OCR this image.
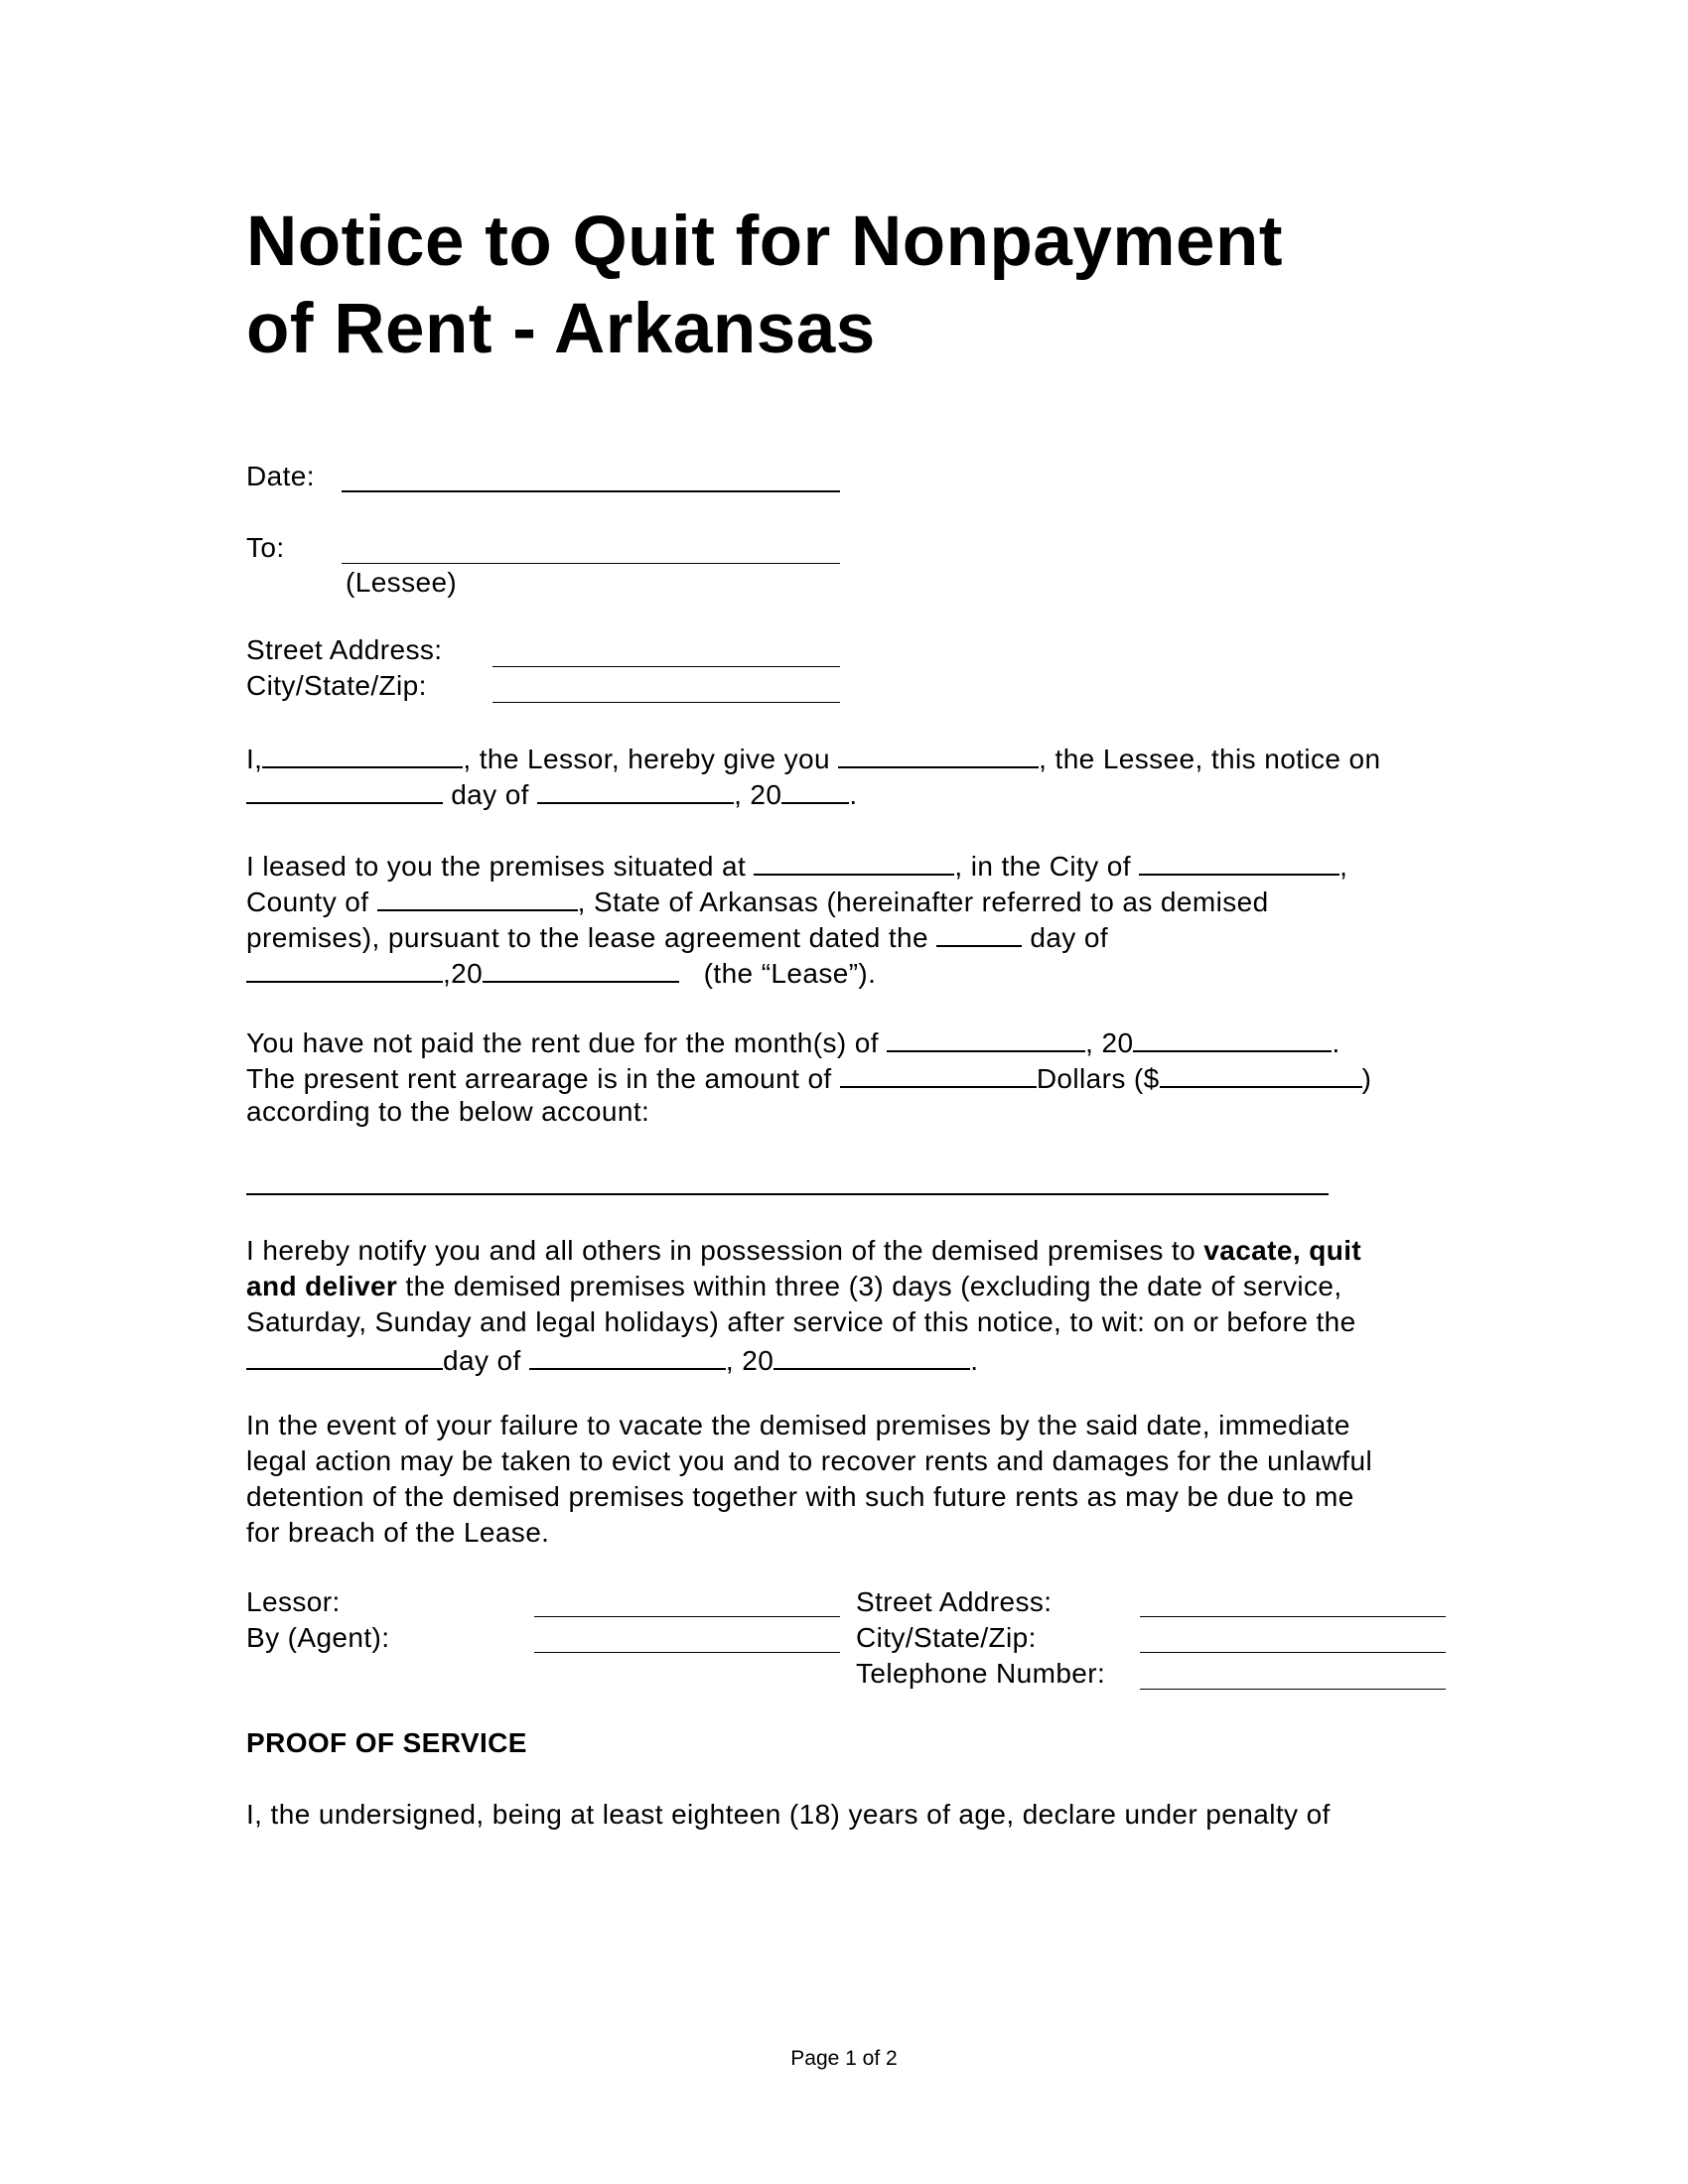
Notice to Quit for Nonpayment
of Rent - Arkansas
Date:
To:
(Lessee)
Street Address:
City/State/Zip:
I,	, the Lessor, hereby give you	, the Lessee, this notice on
day of	, 20 .
I leased to you the premises situated at	, in the City of	,
County of	, State of Arkansas (hereinafter referred to as demised
premises), pursuant to the lease agreement dated the	day of
,20	(the “Lease”).
You have not paid the rent due for the month(s) of	, 20	.
The present rent arrearage is in the amount of	Dollars ($	)
according to the below account:
I hereby notify you and all others in possession of the demised premises to vacate, quit
and deliver the demised premises within three (3) days (excluding the date of service,
Saturday, Sunday and legal holidays) after service of this notice, to wit: on or before the
day of	, 20	.
In the event of your failure to vacate the demised premises by the said date, immediate
legal action may be taken to evict you and to recover rents and damages for the unlawful
detention of the demised premises together with such future rents as may be due to me
for breach of the Lease.
Lessor:
By (Agent):
Street Address:
City/State/Zip:
Telephone Number:
PROOF OF SERVICE
I, the undersigned, being at least eighteen (18) years of age, declare under penalty of
Page 1 of 2
